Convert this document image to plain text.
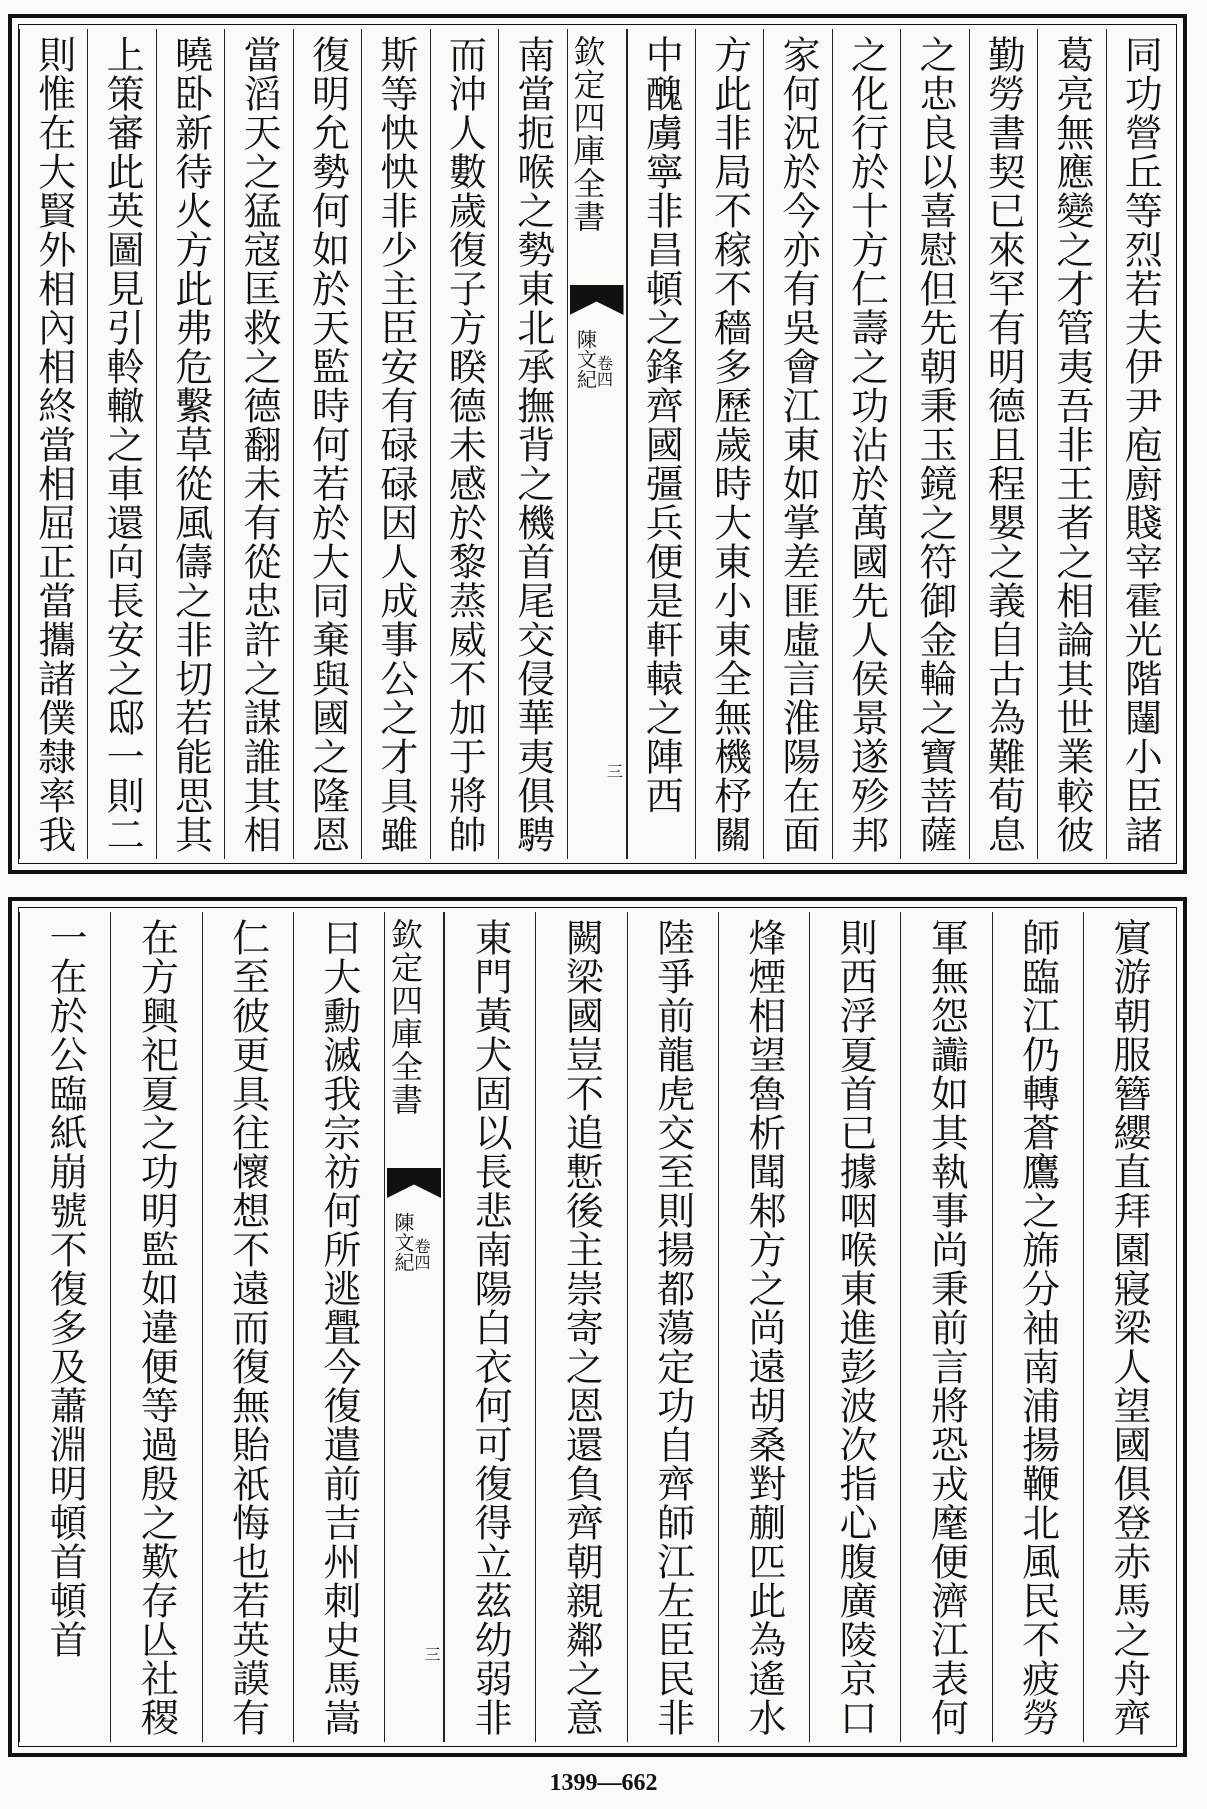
同功營丘等烈若夫伊尹庖廚賤宰霍光階闥小臣諸
葛亮無應變之才管夷吾非王者之相論其世業較彼
勤勞書契已來罕有明德且程嬰之義自古為難荀息
之忠良以喜慰但先朝秉玉鏡之符御金輪之寶菩薩
之化行於十方仁壽之功沾於萬國先人侯景遂殄邦
家何況於今亦有吳會江東如掌差匪虛言淮陽在面
方此非局不稼不穡多歷歲時大東小東全無機杼關
中醜虜寧非昌頓之鋒齊國彊兵便是軒轅之陣西
欽定四庫全書
陳文紀
卷四
三
南當扼喉之勢東北承撫背之機首尾交侵華夷俱騁
而沖人數歲復子方睽德未感於黎蒸威不加于將帥
斯等怏怏非少主臣安有碌碌因人成事公之才具雖
復明允勢何如於天監時何若於大同棄與國之隆恩
當滔天之猛寇匡救之德翻未有從忠許之謀誰其相
曉卧新待火方此弗危繫草從風儔之非切若能思其
上策審此英圖見引軨轍之車還向長安之邸一則二
則惟在大賢外相內相終當相屈正當攜諸僕隸率我
賔游朝服簪纓直拜園寢梁人望國俱登赤馬之舟齊
師臨江仍轉蒼鷹之旆分袖南浦揚鞭北風民不疲勞
軍無怨讟如其執事尚秉前言將恐戎麾便濟江表何
則西浮夏首已據咽喉東進彭波次指心腹廣陵京口
烽煙相望魯析聞邾方之尚遠胡桑對蒯匹此為遙水
陸爭前龍虎交至則揚都蕩定功自齊師江左臣民非
闕梁國豈不追慙後主崇寄之恩還負齊朝親鄰之意
東門黃犬固以長悲南陽白衣何可復得立茲幼弱非
欽定四庫全書
陳文紀
卷四
三
曰大勳滅我宗祊何所逃舋今復遣前吉州刺史馬嵩
仁至彼更具往懷想不遠而復無貽祇悔也若英謨有
在方興祀夏之功明監如違便等過殷之歎存亾社稷
一在於公臨紙崩號不復多及蕭淵明頓首頓首
1399—662
